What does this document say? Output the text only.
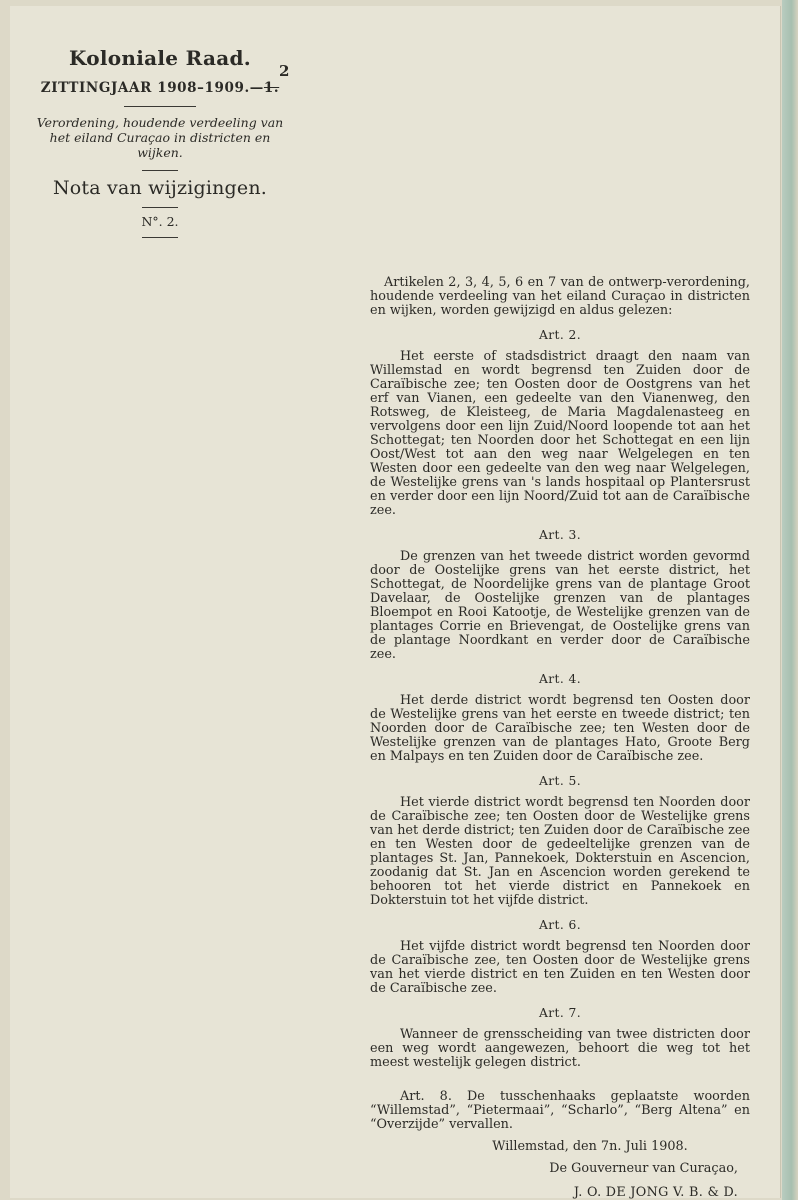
Koloniale Raad.

ZITTINGJAAR 1908–1909.—1.
2

Verordening, houdende verdeeling van het eiland Curaçao in districten en wijken.

Nota van wijzigingen.

N°. 2.

Artikelen 2, 3, 4, 5, 6 en 7 van de ontwerp-verordening, houdende verdeeling van het eiland Curaçao in districten en wijken, worden gewijzigd en aldus gelezen:

Art. 2.

Het eerste of stadsdistrict draagt den naam van Willemstad en wordt begrensd ten Zuiden door de Caraïbische zee; ten Oosten door de Oostgrens van het erf van Vianen, een gedeelte van den Vianenweg, den Rotsweg, de Kleisteeg, de Maria Magdalenasteeg en vervolgens door een lijn Zuid/Noord loopende tot aan het Schottegat; ten Noorden door het Schottegat en een lijn Oost/West tot aan den weg naar Welgelegen en ten Westen door een gedeelte van den weg naar Welgelegen, de Westelijke grens van 's lands hospitaal op Plantersrust en verder door een lijn Noord/Zuid tot aan de Caraïbische zee.

Art. 3.

De grenzen van het tweede district worden gevormd door de Oostelijke grens van het eerste district, het Schottegat, de Noordelijke grens van de plantage Groot Davelaar, de Oostelijke grenzen van de plantages Bloempot en Rooi Katootje, de Westelijke grenzen van de plantages Corrie en Brievengat, de Oostelijke grens van de plantage Noordkant en verder door de Caraïbische zee.

Art. 4.

Het derde district wordt begrensd ten Oosten door de Westelijke grens van het eerste en tweede district; ten Noorden door de Caraïbische zee; ten Westen door de Westelijke grenzen van de plantages Hato, Groote Berg en Malpays en ten Zuiden door de Caraïbische zee.

Art. 5.

Het vierde district wordt begrensd ten Noorden door de Caraïbische zee; ten Oosten door de Westelijke grens van het derde district; ten Zuiden door de Caraïbische zee en ten Westen door de gedeeltelijke grenzen van de plantages St. Jan, Pannekoek, Dokterstuin en Ascencion, zoodanig dat St. Jan en Ascencion worden gerekend te behooren tot het vierde district en Pannekoek en Dokterstuin tot het vijfde district.

Art. 6.

Het vijfde district wordt begrensd ten Noorden door de Caraïbische zee, ten Oosten door de Westelijke grens van het vierde district en ten Zuiden en ten Westen door de Caraïbische zee.

Art. 7.

Wanneer de grensscheiding van twee districten door een weg wordt aangewezen, behoort die weg tot het meest westelijk gelegen district.

Art. 8. De tusschenhaaks geplaatste woorden “Willemstad”, “Pietermaai”, “Scharlo”, “Berg Altena” en “Overzijde” vervallen.

Willemstad, den 7n. Juli 1908.

De Gouverneur van Curaçao,

J. O. DE JONG V. B. & D.
